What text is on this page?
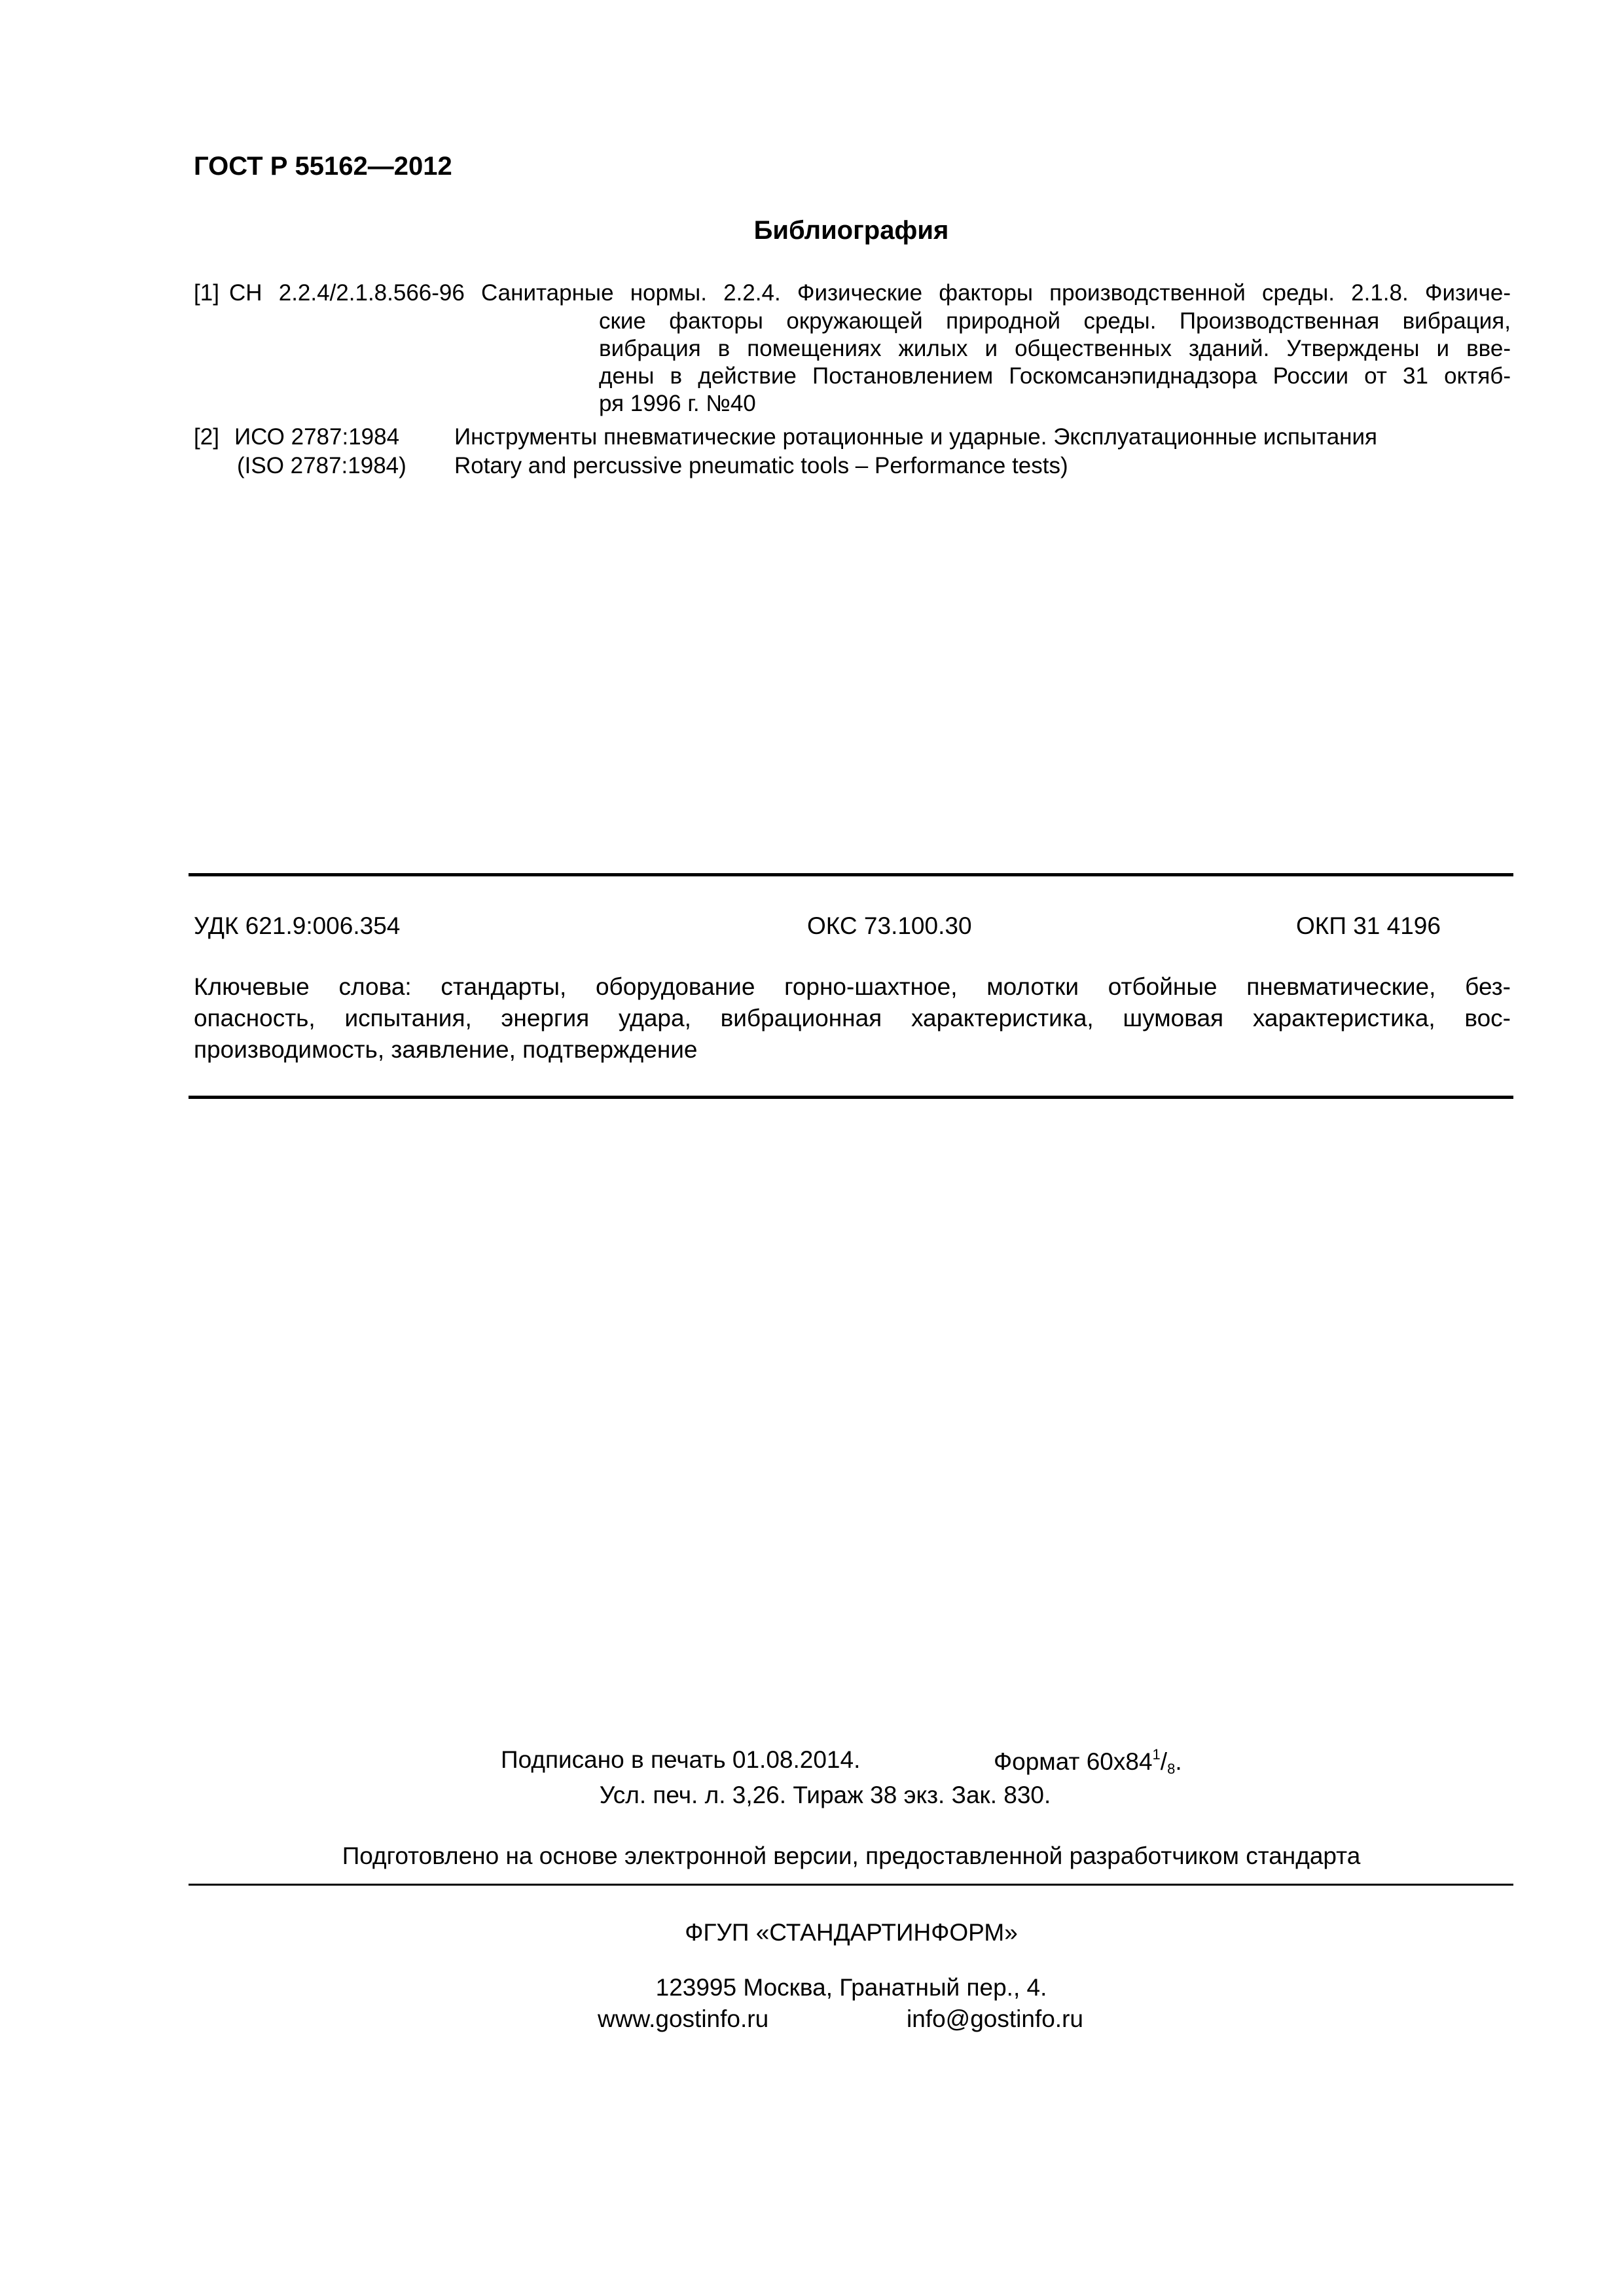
ГОСТ Р 55162—2012
Библиография
[1] СН 2.2.4/2.1.8.566-96 Санитарные нормы. 2.2.4. Физические факторы производственной среды. 2.1.8. Физиче-
ские факторы окружающей природной среды. Производственная вибрация,
вибрация в помещениях жилых и общественных зданий. Утверждены и вве-
дены в действие Постановлением Госкомсанэпиднадзора России от 31 октяб-
ря 1996 г. №40
[2] ИСО 2787:1984 Инструменты пневматические ротационные и ударные. Эксплуатационные испытания
(ISO 2787:1984) Rotary and percussive pneumatic tools – Performance tests)
УДК 621.9:006.354	ОКС 73.100.30	ОКП 31 4196
Ключевые слова: стандарты, оборудование горно-шахтное, молотки отбойные пневматические, без-
опасность, испытания, энергия удара, вибрационная характеристика, шумовая характеристика, вос-
производимость, заявление, подтверждение
Подписано в печать 01.08.2014.	Формат $60х84^1/_8$.
Усл. печ. л. 3,26. Тираж 38 экз. Зак. 830.
Подготовлено на основе электронной версии, предоставленной разработчиком стандарта
ФГУП «СТАНДАРТИНФОРМ»
123995 Москва, Гранатный пер., 4.
www.gostinfo.ru	info@gostinfo.ru
